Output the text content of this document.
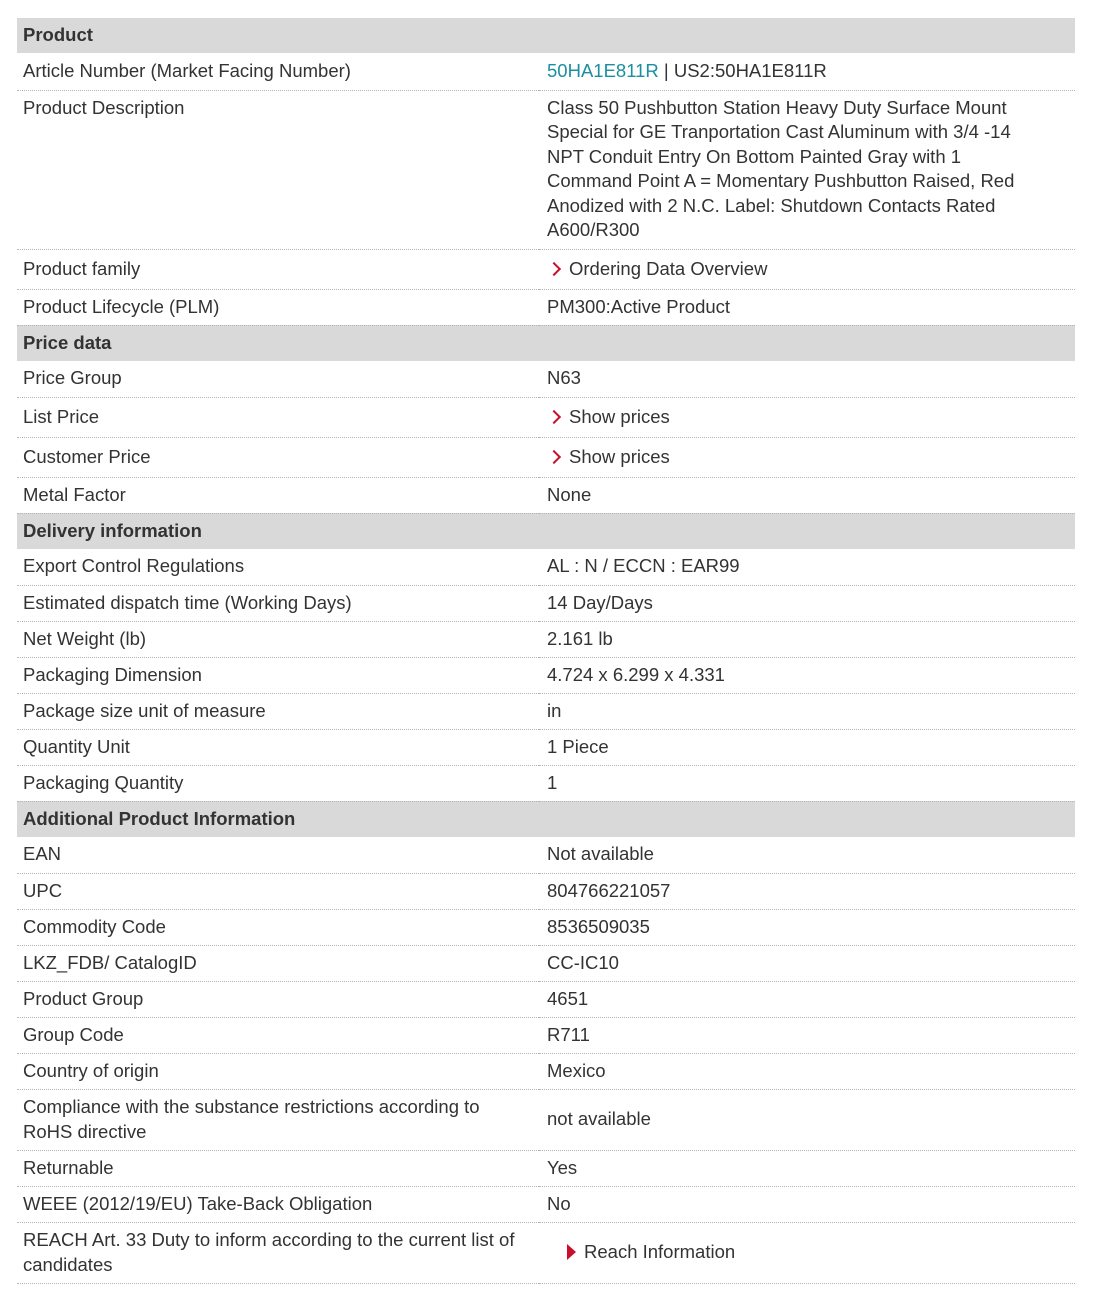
Product	
Article Number (Market Facing Number)	50HA1E811R | US2:50HA1E811R
Product Description	Class 50 Pushbutton Station Heavy Duty Surface Mount Special for GE Tranportation Cast Aluminum with 3/4 -14 NPT Conduit Entry On Bottom Painted Gray with 1 Command Point A = Momentary Pushbutton Raised, Red Anodized with 2 N.C. Label: Shutdown Contacts Rated A600/R300
Product family	Ordering Data Overview
Product Lifecycle (PLM)	PM300:Active Product
Price data	
Price Group	N63
List Price	Show prices
Customer Price	Show prices
Metal Factor	None
Delivery information	
Export Control Regulations	AL : N / ECCN : EAR99
Estimated dispatch time (Working Days)	14 Day/Days
Net Weight (lb)	2.161 lb
Packaging Dimension	4.724 x 6.299 x 4.331
Package size unit of measure	in
Quantity Unit	1 Piece
Packaging Quantity	1
Additional Product Information	
EAN	Not available
UPC	804766221057
Commodity Code	8536509035
LKZ_FDB/ CatalogID	CC-IC10
Product Group	4651
Group Code	R711
Country of origin	Mexico
Compliance with the substance restrictions according to RoHS directive	not available
Returnable	Yes
WEEE (2012/19/EU) Take-Back Obligation	No
REACH Art. 33 Duty to inform according to the current list of candidates	Reach Information
